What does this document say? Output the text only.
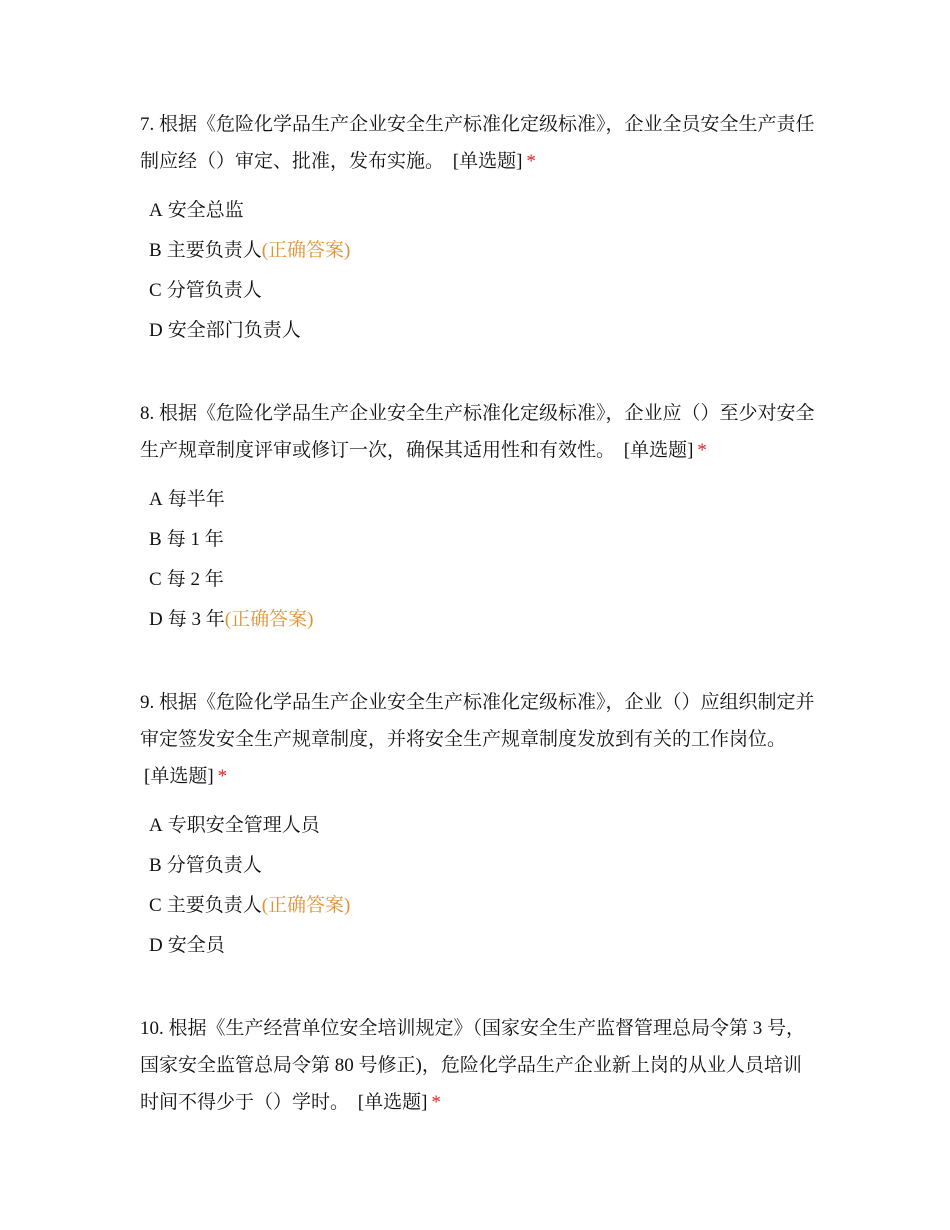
7. 根据《危险化学品生产企业安全生产标准化定级标准》，企业全员安全生产责任制应经（）审定、批准，发布实施。 [单选题] *

A 安全总监
B 主要负责人(正确答案)
C 分管负责人
D 安全部门负责人

8. 根据《危险化学品生产企业安全生产标准化定级标准》，企业应（）至少对安全生产规章制度评审或修订一次，确保其适用性和有效性。 [单选题] *

A 每半年
B 每 1 年
C 每 2 年
D 每 3 年(正确答案)

9. 根据《危险化学品生产企业安全生产标准化定级标准》，企业（）应组织制定并审定签发安全生产规章制度，并将安全生产规章制度发放到有关的工作岗位。 [单选题] *

A 专职安全管理人员
B 分管负责人
C 主要负责人(正确答案)
D 安全员

10. 根据《生产经营单位安全培训规定》（国家安全生产监督管理总局令第 3 号，国家安全监管总局令第 80 号修正)，危险化学品生产企业新上岗的从业人员培训时间不得少于（）学时。 [单选题] *
